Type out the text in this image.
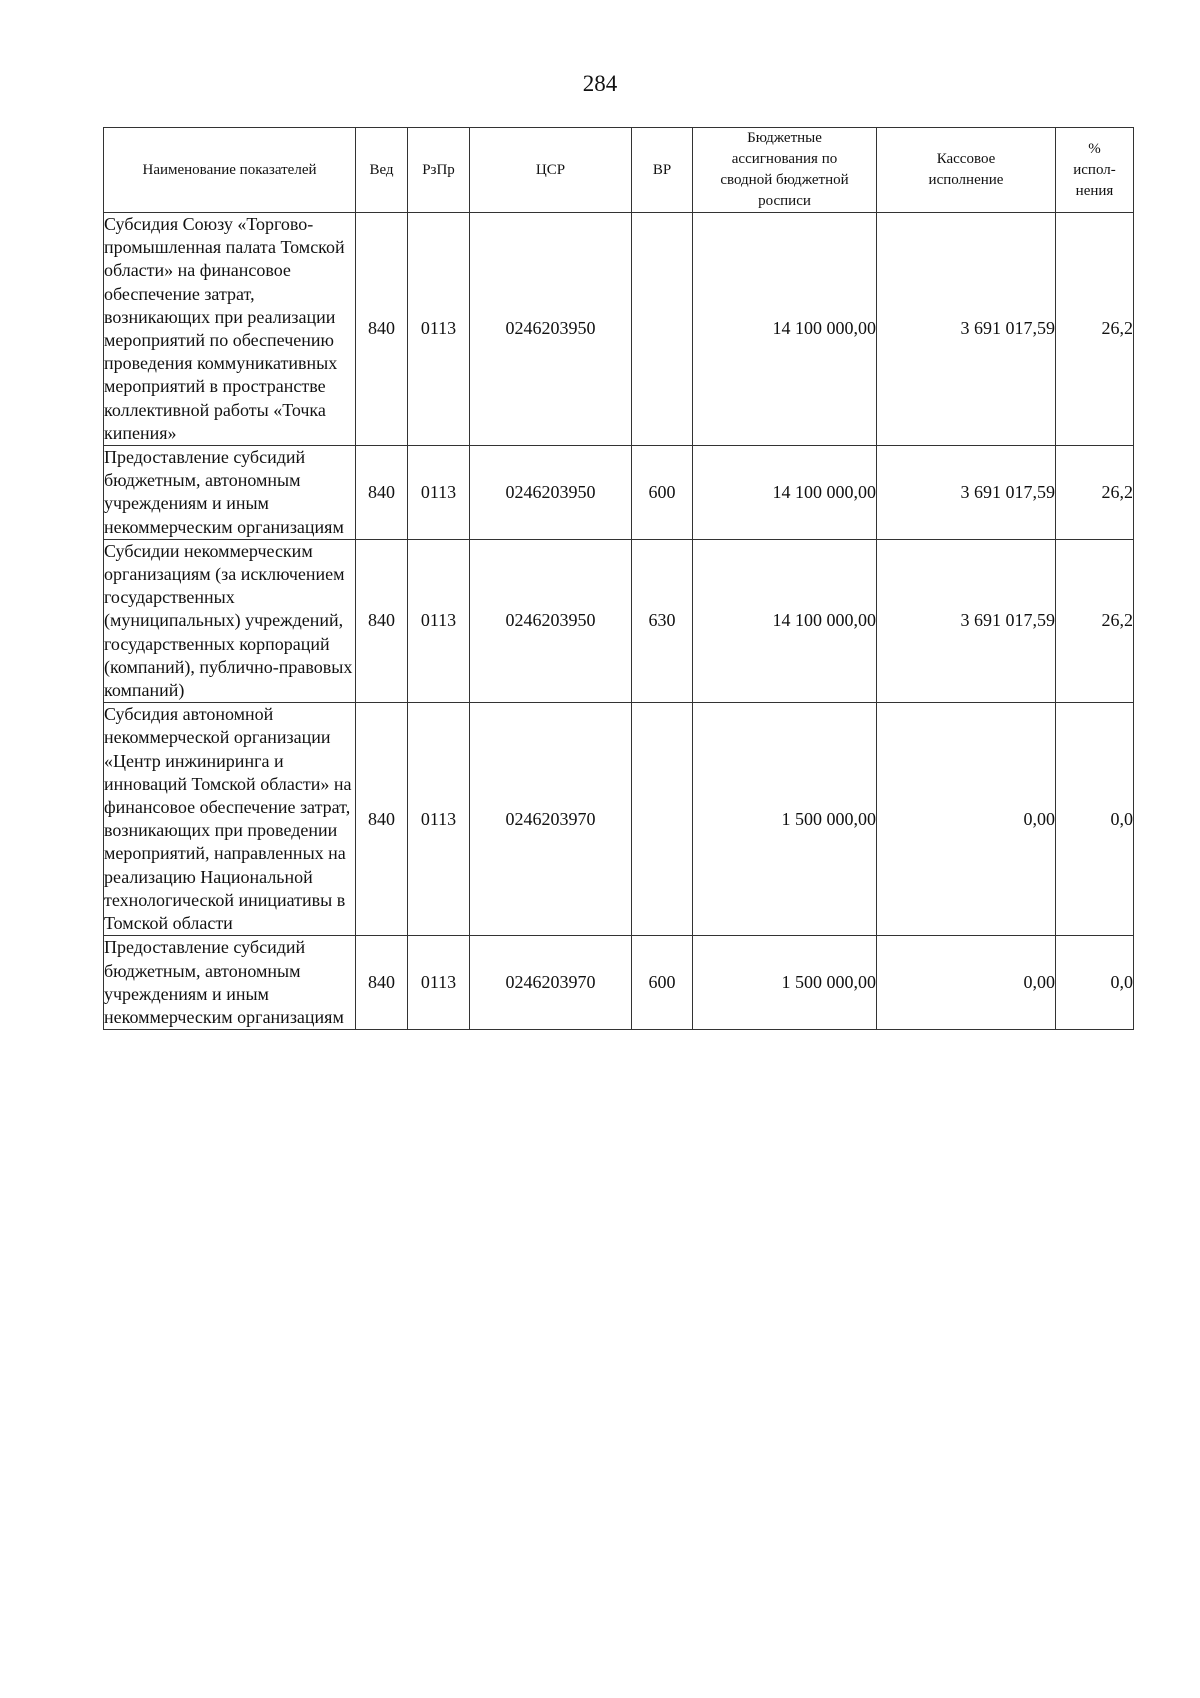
284
Наименование показателей	Вед	РзПр	ЦСР	ВР	Бюджетные ассигнования по сводной бюджетной росписи	Кассовое исполнение	% испол-нения
Субсидия Союзу «Торгово-промышленная палата Томской области» на финансовое обеспечение затрат, возникающих при реализации мероприятий по обеспечению проведения коммуникативных мероприятий в пространстве коллективной работы «Точка кипения»	840	0113	0246203950		14 100 000,00	3 691 017,59	26,2
Предоставление субсидий бюджетным, автономным учреждениям и иным некоммерческим организациям	840	0113	0246203950	600	14 100 000,00	3 691 017,59	26,2
Субсидии некоммерческим организациям (за исключением государственных (муниципальных) учреждений, государственных корпораций (компаний), публично-правовых компаний)	840	0113	0246203950	630	14 100 000,00	3 691 017,59	26,2
Субсидия автономной некоммерческой организации «Центр инжиниринга и инноваций Томской области» на финансовое обеспечение затрат, возникающих при проведении мероприятий, направленных на реализацию Национальной технологической инициативы в Томской области	840	0113	0246203970		1 500 000,00	0,00	0,0
Предоставление субсидий бюджетным, автономным учреждениям и иным некоммерческим организациям	840	0113	0246203970	600	1 500 000,00	0,00	0,0
